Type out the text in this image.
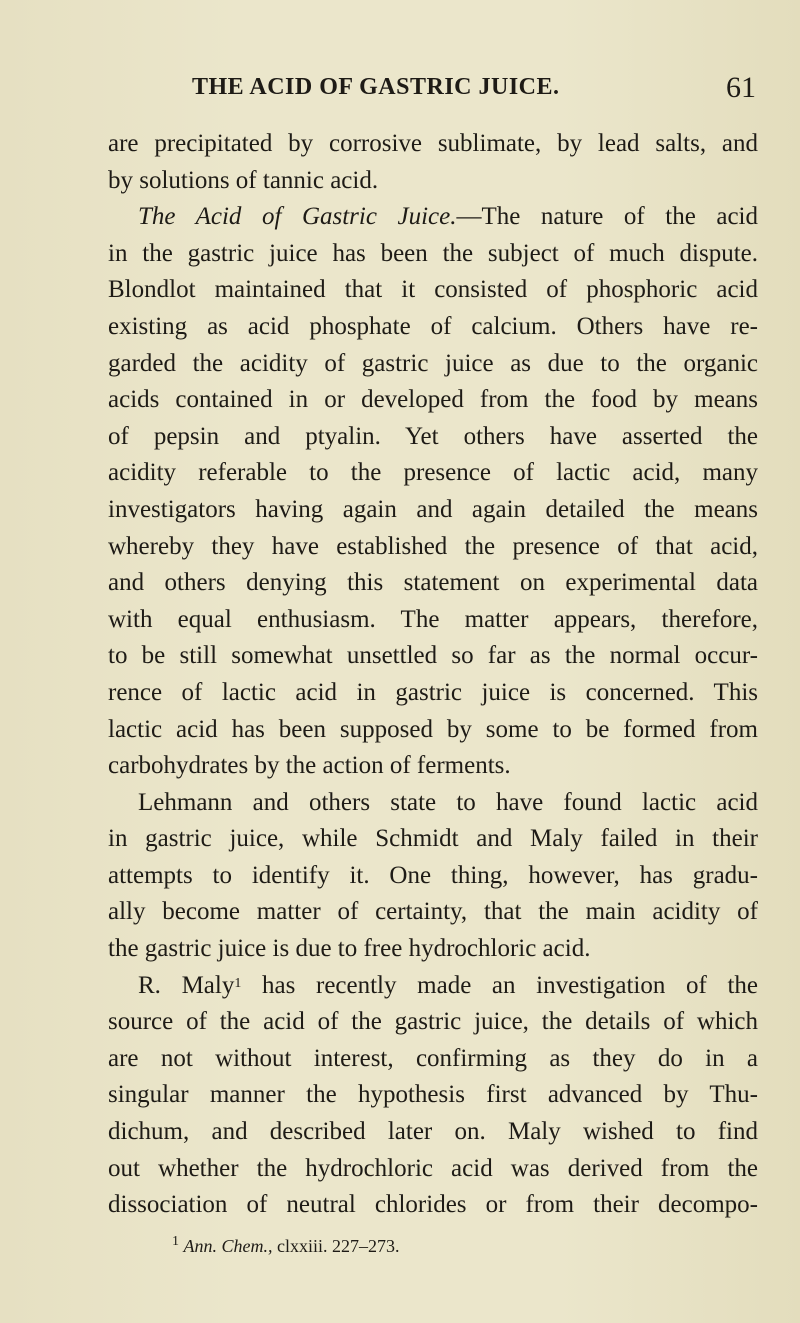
THE ACID OF GASTRIC JUICE.	61
are precipitated by corrosive sublimate, by lead salts, and
by solutions of tannic acid.
The Acid of Gastric Juice.—The nature of the acid
in the gastric juice has been the subject of much dispute.
Blondlot maintained that it consisted of phosphoric acid
existing as acid phosphate of calcium. Others have re-
garded the acidity of gastric juice as due to the organic
acids contained in or developed from the food by means
of pepsin and ptyalin. Yet others have asserted the
acidity referable to the presence of lactic acid, many
investigators having again and again detailed the means
whereby they have established the presence of that acid,
and others denying this statement on experimental data
with equal enthusiasm. The matter appears, therefore,
to be still somewhat unsettled so far as the normal occur-
rence of lactic acid in gastric juice is concerned. This
lactic acid has been supposed by some to be formed from
carbohydrates by the action of ferments.
Lehmann and others state to have found lactic acid
in gastric juice, while Schmidt and Maly failed in their
attempts to identify it. One thing, however, has gradu-
ally become matter of certainty, that the main acidity of
the gastric juice is due to free hydrochloric acid.
R. Maly$^1$ has recently made an investigation of the
source of the acid of the gastric juice, the details of which
are not without interest, confirming as they do in a
singular manner the hypothesis first advanced by Thu-
dichum, and described later on. Maly wished to find
out whether the hydrochloric acid was derived from the
dissociation of neutral chlorides or from their decompo-
$^1$ Ann. Chem., clxxiii. 227–273.
